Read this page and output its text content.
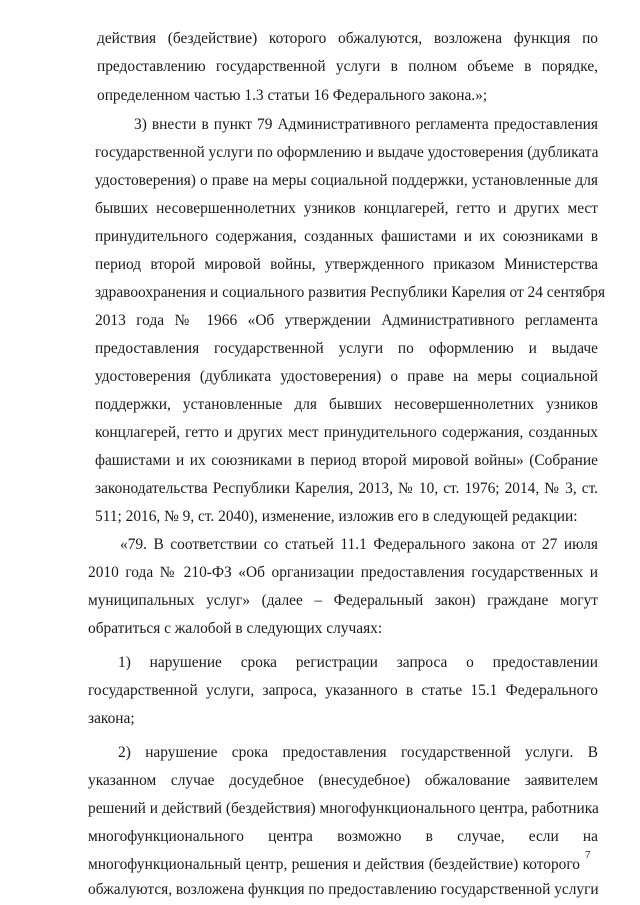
действия (бездействие) которого обжалуются, возложена функция по
предоставлению государственной услуги в полном объеме в порядке,
определенном частью 1.3 статьи 16 Федерального закона.»;
3) внести в пункт 79 Административного регламента предоставления
государственной услуги по оформлению и выдаче удостоверения (дубликата
удостоверения) о праве на меры социальной поддержки, установленные для
бывших несовершеннолетних узников концлагерей, гетто и других мест
принудительного содержания, созданных фашистами и их союзниками в
период второй мировой войны, утвержденного приказом Министерства
здравоохранения и социального развития Республики Карелия от 24 сентября
2013 года № 1966 «Об утверждении Административного регламента
предоставления государственной услуги по оформлению и выдаче
удостоверения (дубликата удостоверения) о праве на меры социальной
поддержки, установленные для бывших несовершеннолетних узников
концлагерей, гетто и других мест принудительного содержания, созданных
фашистами и их союзниками в период второй мировой войны» (Собрание
законодательства Республики Карелия, 2013, № 10, ст. 1976; 2014, № 3, ст.
511; 2016, № 9, ст. 2040), изменение, изложив его в следующей редакции:
«79. В соответствии со статьей 11.1 Федерального закона от 27 июля
2010 года № 210-ФЗ «Об организации предоставления государственных и
муниципальных услуг» (далее – Федеральный закон) граждане могут
обратиться с жалобой в следующих случаях:
1) нарушение срока регистрации запроса о предоставлении
государственной услуги, запроса, указанного в статье 15.1 Федерального
закона;
2) нарушение срока предоставления государственной услуги. В
указанном случае досудебное (внесудебное) обжалование заявителем
решений и действий (бездействия) многофункционального центра, работника
многофункционального центра возможно в случае, если на
многофункциональный центр, решения и действия (бездействие) которого
обжалуются, возложена функция по предоставлению государственной услуги
7
